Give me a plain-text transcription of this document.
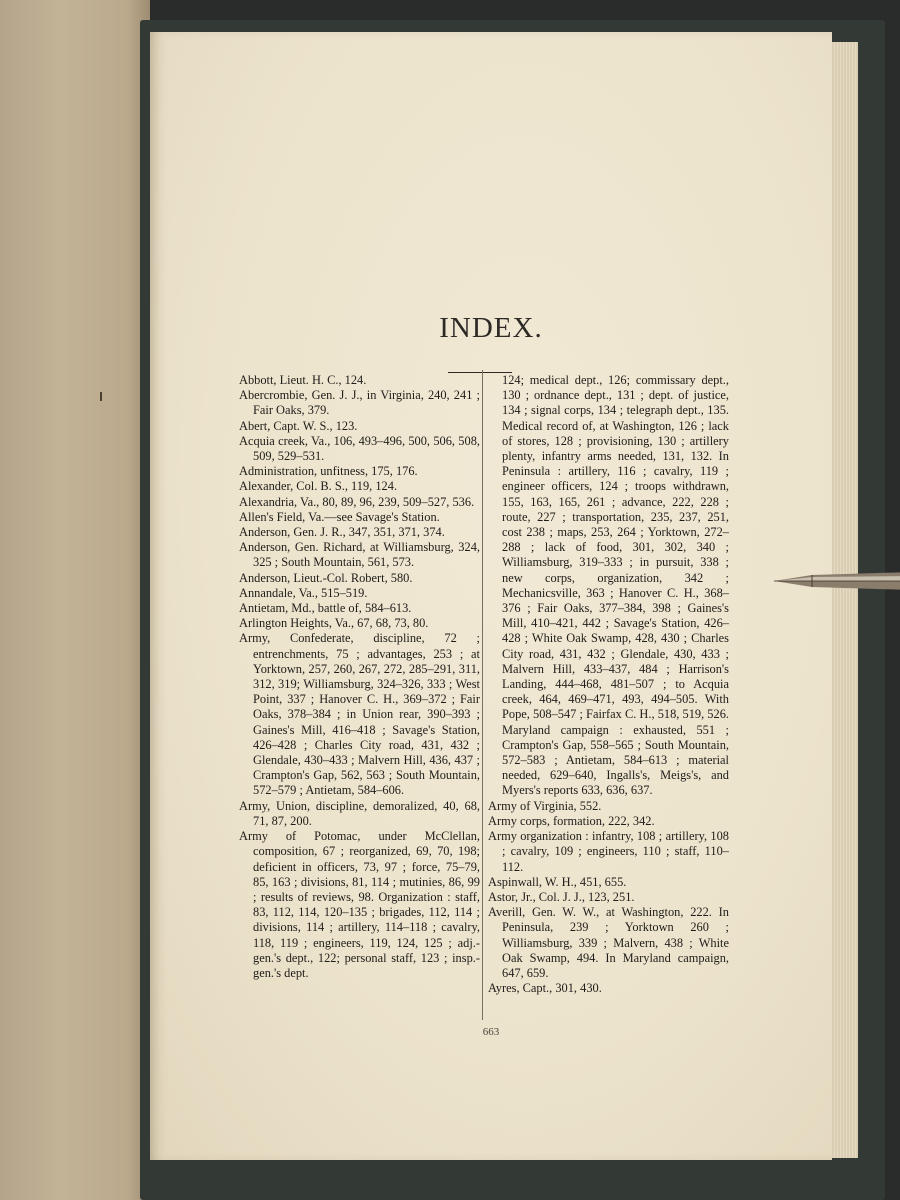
INDEX.

Abbott, Lieut. H. C., 124.

Abercrombie, Gen. J. J., in Virginia, 240, 241 ; Fair Oaks, 379.

Abert, Capt. W. S., 123.

Acquia creek, Va., 106, 493–496, 500, 506, 508, 509, 529–531.

Administration, unfitness, 175, 176.

Alexander, Col. B. S., 119, 124.

Alexandria, Va., 80, 89, 96, 239, 509–527, 536.

Allen's Field, Va.—see Savage's Station.

Anderson, Gen. J. R., 347, 351, 371, 374.

Anderson, Gen. Richard, at Williamsburg, 324, 325 ; South Mountain, 561, 573.

Anderson, Lieut.-Col. Robert, 580.

Annandale, Va., 515–519.

Antietam, Md., battle of, 584–613.

Arlington Heights, Va., 67, 68, 73, 80.

Army, Confederate, discipline, 72 ; entrenchments, 75 ; advantages, 253 ; at Yorktown, 257, 260, 267, 272, 285–291, 311, 312, 319; Williamsburg, 324–326, 333 ; West Point, 337 ; Hanover C. H., 369–372 ; Fair Oaks, 378–384 ; in Union rear, 390–393 ; Gaines's Mill, 416–418 ; Savage's Station, 426–428 ; Charles City road, 431, 432 ; Glendale, 430–433 ; Malvern Hill, 436, 437 ; Crampton's Gap, 562, 563 ; South Mountain, 572–579 ; Antietam, 584–606.

Army, Union, discipline, demoralized, 40, 68, 71, 87, 200.

Army of Potomac, under McClellan, composition, 67 ; reorganized, 69, 70, 198; deficient in officers, 73, 97 ; force, 75–79, 85, 163 ; divisions, 81, 114 ; mutinies, 86, 99 ; results of reviews, 98. Organization : staff, 83, 112, 114, 120–135 ; brigades, 112, 114 ; divisions, 114 ; artillery, 114–118 ; cavalry, 118, 119 ; engineers, 119, 124, 125 ; adj.-gen.'s dept., 122; personal staff, 123 ; insp.-gen.'s dept.

124; medical dept., 126; commissary dept., 130 ; ordnance dept., 131 ; dept. of justice, 134 ; signal corps, 134 ; telegraph dept., 135. Medical record of, at Washington, 126 ; lack of stores, 128 ; provisioning, 130 ; artillery plenty, infantry arms needed, 131, 132. In Peninsula : artillery, 116 ; cavalry, 119 ; engineer officers, 124 ; troops withdrawn, 155, 163, 165, 261 ; advance, 222, 228 ; route, 227 ; transportation, 235, 237, 251, cost 238 ; maps, 253, 264 ; Yorktown, 272–288 ; lack of food, 301, 302, 340 ; Williamsburg, 319–333 ; in pursuit, 338 ; new corps, organization, 342 ; Mechanicsville, 363 ; Hanover C. H., 368–376 ; Fair Oaks, 377–384, 398 ; Gaines's Mill, 410–421, 442 ; Savage's Station, 426–428 ; White Oak Swamp, 428, 430 ; Charles City road, 431, 432 ; Glendale, 430, 433 ; Malvern Hill, 433–437, 484 ; Harrison's Landing, 444–468, 481–507 ; to Acquia creek, 464, 469–471, 493, 494–505. With Pope, 508–547 ; Fairfax C. H., 518, 519, 526. Maryland campaign : exhausted, 551 ; Crampton's Gap, 558–565 ; South Mountain, 572–583 ; Antietam, 584–613 ; material needed, 629–640, Ingalls's, Meigs's, and Myers's reports 633, 636, 637.

Army of Virginia, 552.

Army corps, formation, 222, 342.

Army organization : infantry, 108 ; artillery, 108 ; cavalry, 109 ; engineers, 110 ; staff, 110–112.

Aspinwall, W. H., 451, 655.

Astor, Jr., Col. J. J., 123, 251.

Averill, Gen. W. W., at Washington, 222. In Peninsula, 239 ; Yorktown 260 ; Williamsburg, 339 ; Malvern, 438 ; White Oak Swamp, 494. In Maryland campaign, 647, 659.

Ayres, Capt., 301, 430.

663
